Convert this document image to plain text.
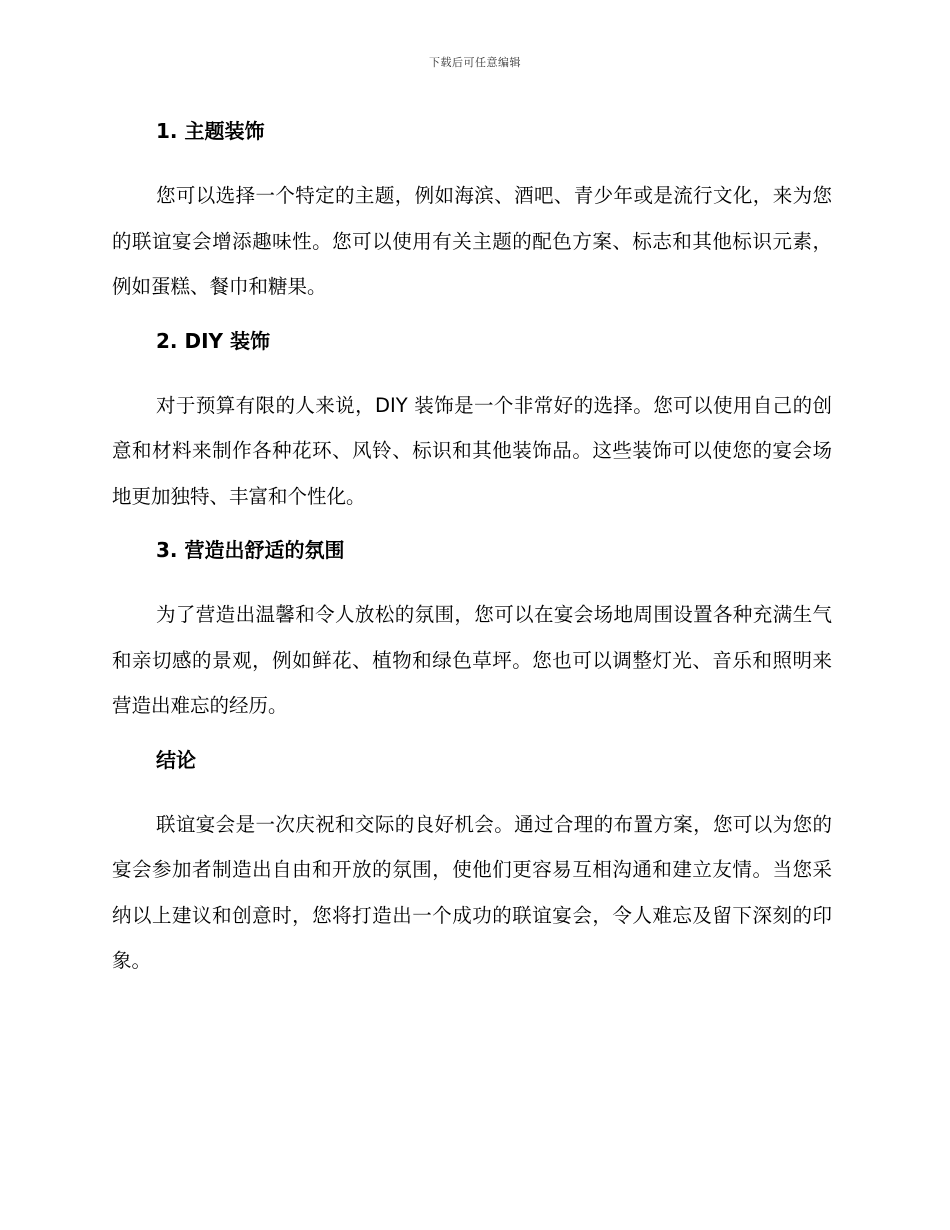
下载后可任意编辑
1. 主题装饰

您可以选择一个特定的主题，例如海滨、酒吧、青少年或是流行文化，来为您的联谊宴会增添趣味性。您可以使用有关主题的配色方案、标志和其他标识元素，例如蛋糕、餐巾和糖果。

2. DIY 装饰

对于预算有限的人来说，DIY 装饰是一个非常好的选择。您可以使用自己的创意和材料来制作各种花环、风铃、标识和其他装饰品。这些装饰可以使您的宴会场地更加独特、丰富和个性化。

3. 营造出舒适的氛围

为了营造出温馨和令人放松的氛围，您可以在宴会场地周围设置各种充满生气和亲切感的景观，例如鲜花、植物和绿色草坪。您也可以调整灯光、音乐和照明来营造出难忘的经历。

结论

联谊宴会是一次庆祝和交际的良好机会。通过合理的布置方案，您可以为您的宴会参加者制造出自由和开放的氛围，使他们更容易互相沟通和建立友情。当您采纳以上建议和创意时，您将打造出一个成功的联谊宴会，令人难忘及留下深刻的印象。
